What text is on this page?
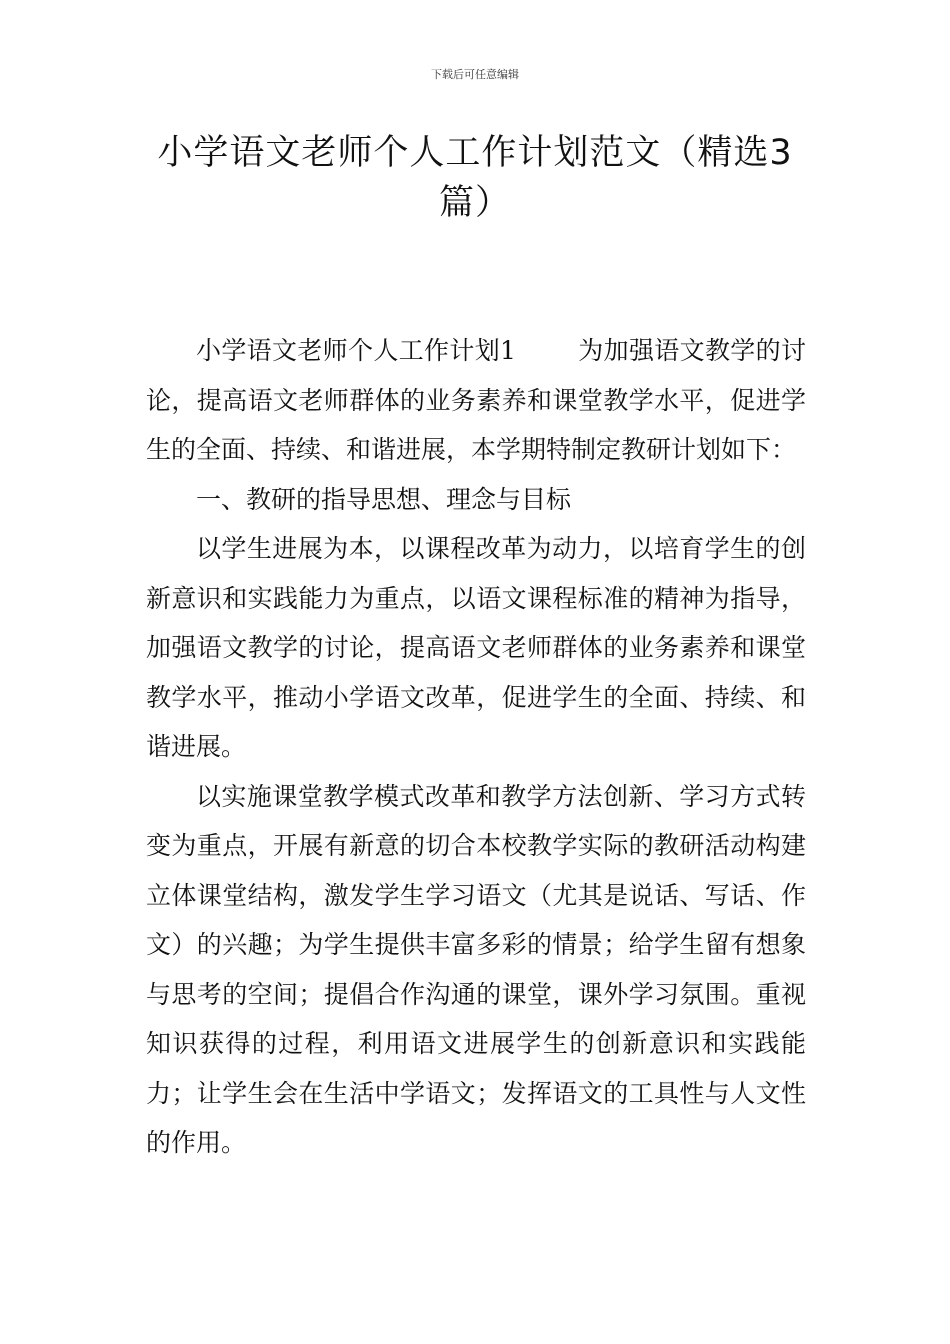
下载后可任意编辑
小学语文老师个人工作计划范文（精选3篇）

小学语文老师个人工作计划1 为加强语文教学的讨论，提高语文老师群体的业务素养和课堂教学水平，促进学生的全面、持续、和谐进展，本学期特制定教研计划如下：

一、教研的指导思想、理念与目标

以学生进展为本，以课程改革为动力，以培育学生的创新意识和实践能力为重点，以语文课程标准的精神为指导，加强语文教学的讨论，提高语文老师群体的业务素养和课堂教学水平，推动小学语文改革，促进学生的全面、持续、和谐进展。

以实施课堂教学模式改革和教学方法创新、学习方式转变为重点，开展有新意的切合本校教学实际的教研活动构建立体课堂结构，激发学生学习语文（尤其是说话、写话、作文）的兴趣；为学生提供丰富多彩的情景；给学生留有想象与思考的空间；提倡合作沟通的课堂，课外学习氛围。重视知识获得的过程，利用语文进展学生的创新意识和实践能力；让学生会在生活中学语文；发挥语文的工具性与人文性的作用。
